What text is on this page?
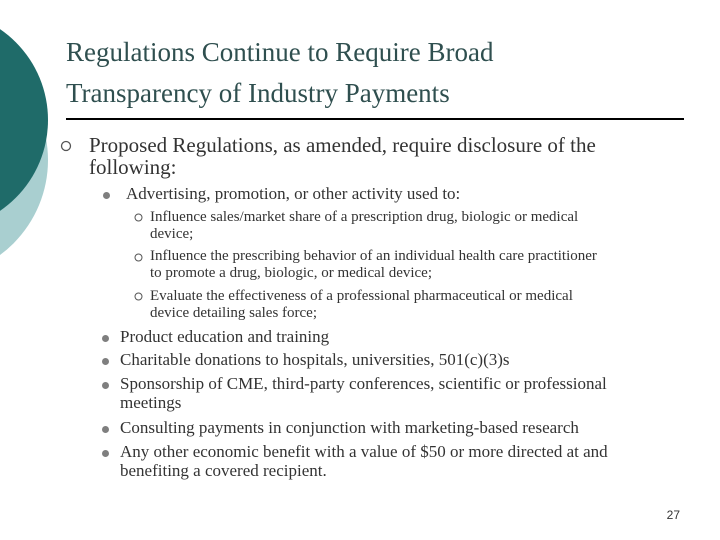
Regulations Continue to Require Broad
Transparency of Industry Payments
Proposed Regulations, as amended, require disclosure of the
following:
Advertising, promotion, or other activity used to:
Influence sales/market share of a prescription drug, biologic or medical
device;
Influence the prescribing behavior of an individual health care practitioner
to promote a drug, biologic, or medical device;
Evaluate the effectiveness of a professional pharmaceutical or medical
device detailing sales force;
Product education and training
Charitable donations to hospitals, universities, 501(c)(3)s
Sponsorship of CME, third-party conferences, scientific or professional
meetings
Consulting payments in conjunction with marketing-based research
Any other economic benefit with a value of $50 or more directed at and
benefiting a covered recipient.
27
